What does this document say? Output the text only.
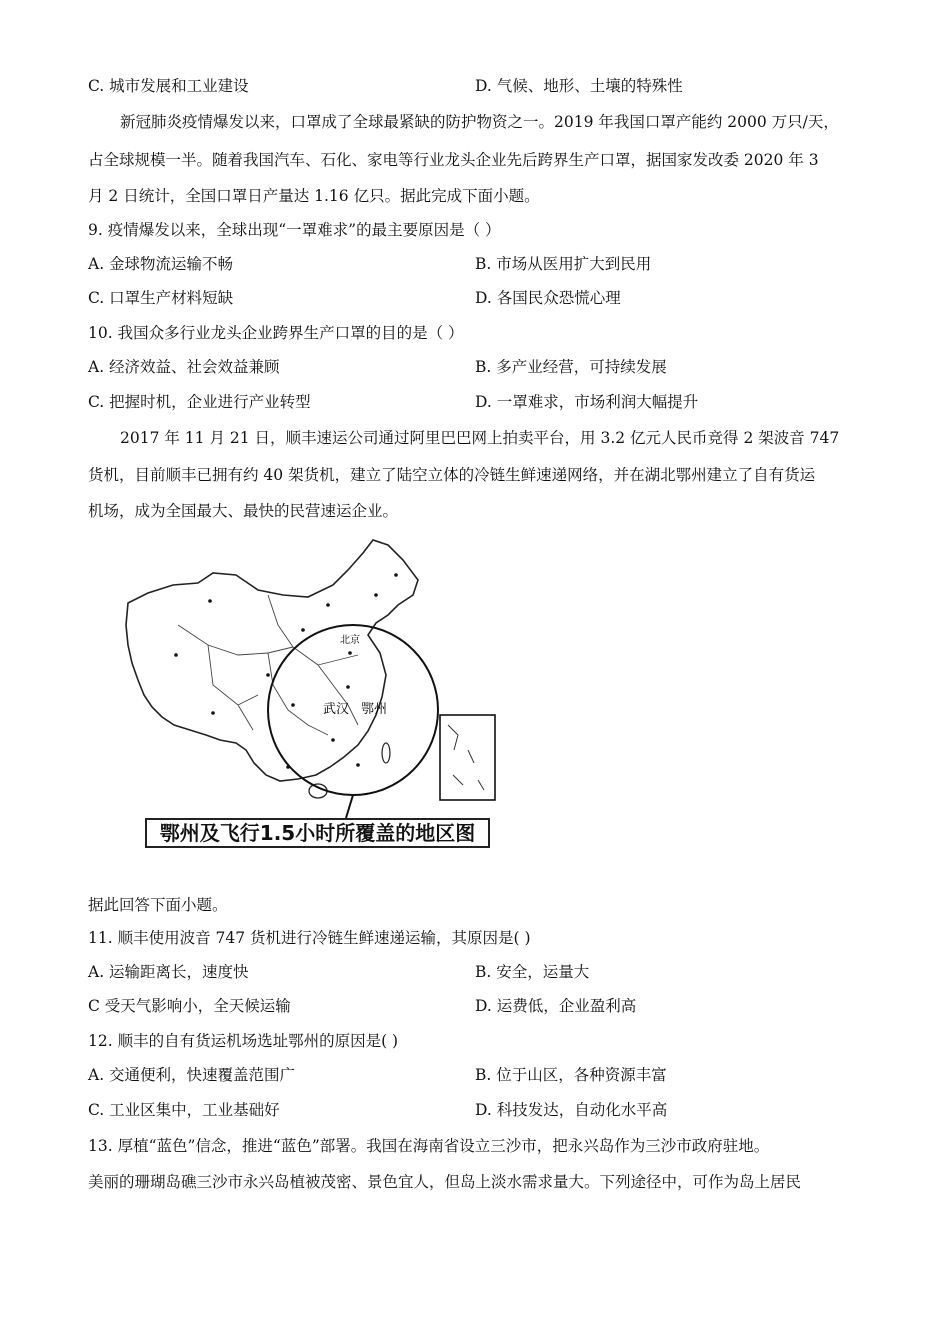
C. 城市发展和工业建设	D. 气候、地形、土壤的特殊性
新冠肺炎疫情爆发以来，口罩成了全球最紧缺的防护物资之一。2019 年我国口罩产能约 2000 万只/天，
占全球规模一半。随着我国汽车、石化、家电等行业龙头企业先后跨界生产口罩，据国家发改委 2020 年 3
月 2 日统计，全国口罩日产量达 1.16 亿只。据此完成下面小题。
9. 疫情爆发以来，全球出现“一罩难求”的最主要原因是（ ）
A. 金球物流运输不畅	B. 市场从医用扩大到民用
C. 口罩生产材料短缺	D. 各国民众恐慌心理
10. 我国众多行业龙头企业跨界生产口罩的目的是（ ）
A. 经济效益、社会效益兼顾	B. 多产业经营，可持续发展
C. 把握时机，企业进行产业转型	D. 一罩难求，市场利润大幅提升
2017 年 11 月 21 日，顺丰速运公司通过阿里巴巴网上拍卖平台，用 3.2 亿元人民币竞得 2 架波音 747
货机，目前顺丰已拥有约 40 架货机，建立了陆空立体的冷链生鲜速递网络，并在湖北鄂州建立了自有货运
机场，成为全国最大、最快的民营速运企业。
北京
武汉 鄂州
鄂州及飞行1.5小时所覆盖的地区图
据此回答下面小题。
11. 顺丰使用波音 747 货机进行冷链生鲜速递运输，其原因是( )
A. 运输距离长，速度快	B. 安全，运量大
C 受天气影响小，全天候运输	D. 运费低，企业盈利高
12. 顺丰的自有货运机场选址鄂州的原因是( )
A. 交通便利，快速覆盖范围广	B. 位于山区，各种资源丰富
C. 工业区集中，工业基础好	D. 科技发达，自动化水平高
13. 厚植“蓝色”信念，推进“蓝色”部署。我国在海南省设立三沙市，把永兴岛作为三沙市政府驻地。
美丽的珊瑚岛礁三沙市永兴岛植被茂密、景色宜人，但岛上淡水需求量大。下列途径中，可作为岛上居民
